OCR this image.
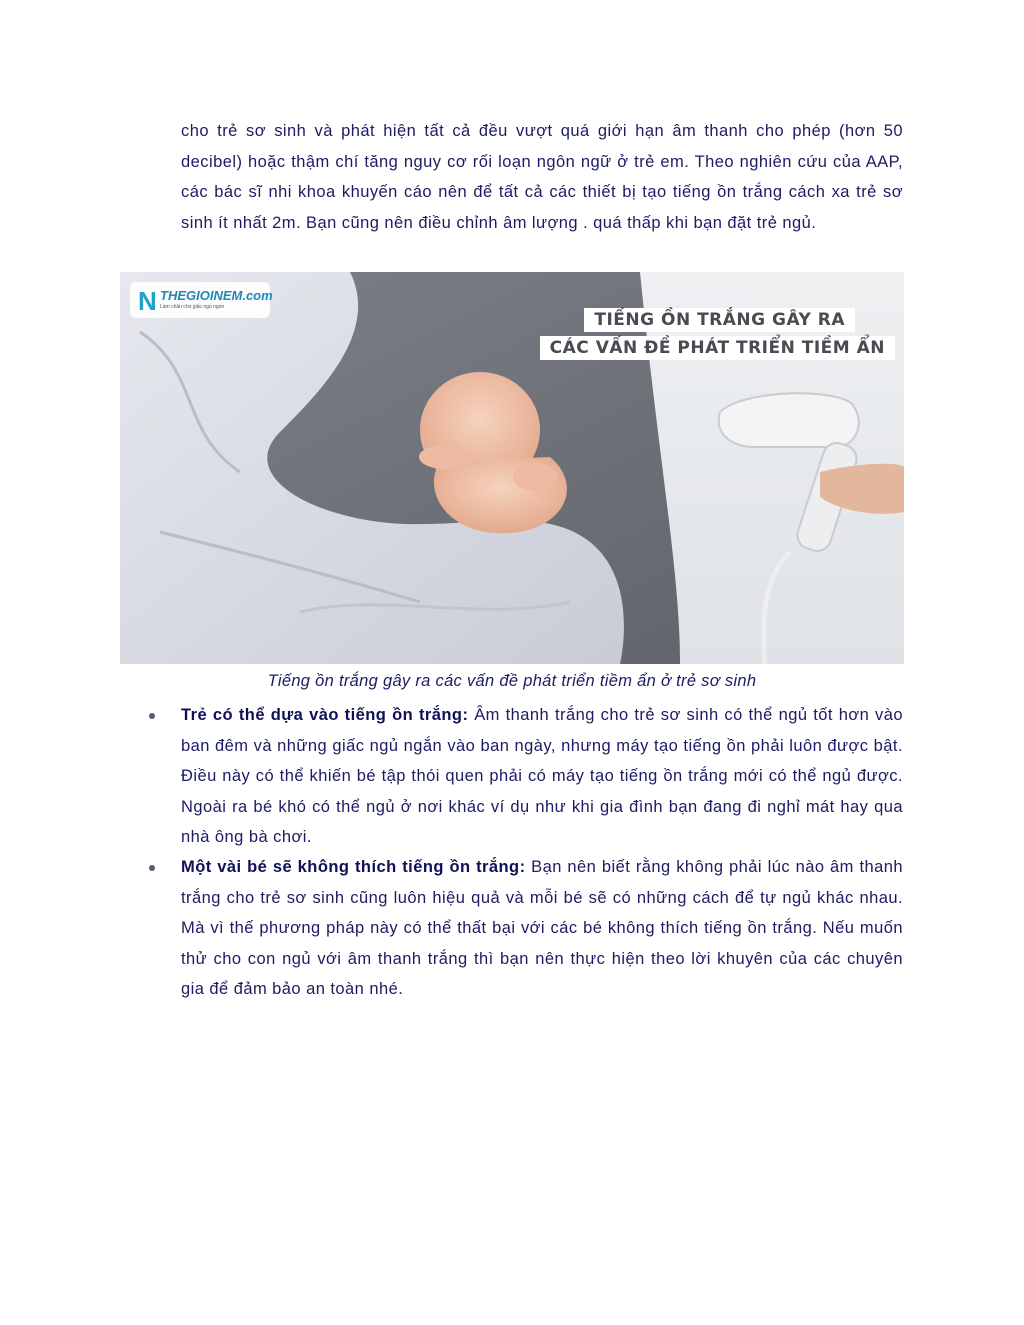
cho trẻ sơ sinh và phát hiện tất cả đều vượt quá giới hạn âm thanh cho phép (hơn 50 decibel) hoặc thậm chí tăng nguy cơ rối loạn ngôn ngữ ở trẻ em. Theo nghiên cứu của AAP, các bác sĩ nhi khoa khuyến cáo nên để tất cả các thiết bị tạo tiếng ồn trắng cách xa trẻ sơ sinh ít nhất 2m. Bạn cũng nên điều chỉnh âm lượng . quá thấp khi bạn đặt trẻ ngủ.

N THEGIOINEM.com
Làm chăn cho giấc ngủ ngon
TIẾNG ỒN TRẮNG GÂY RA
CÁC VẤN ĐỀ PHÁT TRIỂN TIỀM ẨN

Tiếng ồn trắng gây ra các vấn đề phát triển tiềm ẩn ở trẻ sơ sinh

Trẻ có thể dựa vào tiếng ồn trắng: Âm thanh trắng cho trẻ sơ sinh có thể ngủ tốt hơn vào ban đêm và những giấc ngủ ngắn vào ban ngày, nhưng máy tạo tiếng ồn phải luôn được bật. Điều này có thể khiến bé tập thói quen phải có máy tạo tiếng ồn trắng mới có thể ngủ được. Ngoài ra bé khó có thể ngủ ở nơi khác ví dụ như khi gia đình bạn đang đi nghỉ mát hay qua nhà ông bà chơi.

Một vài bé sẽ không thích tiếng ồn trắng: Bạn nên biết rằng không phải lúc nào âm thanh trắng cho trẻ sơ sinh cũng luôn hiệu quả và mỗi bé sẽ có những cách để tự ngủ khác nhau. Mà vì thế phương pháp này có thể thất bại với các bé không thích tiếng ồn trắng. Nếu muốn thử cho con ngủ với âm thanh trắng thì bạn nên thực hiện theo lời khuyên của các chuyên gia để đảm bảo an toàn nhé.
